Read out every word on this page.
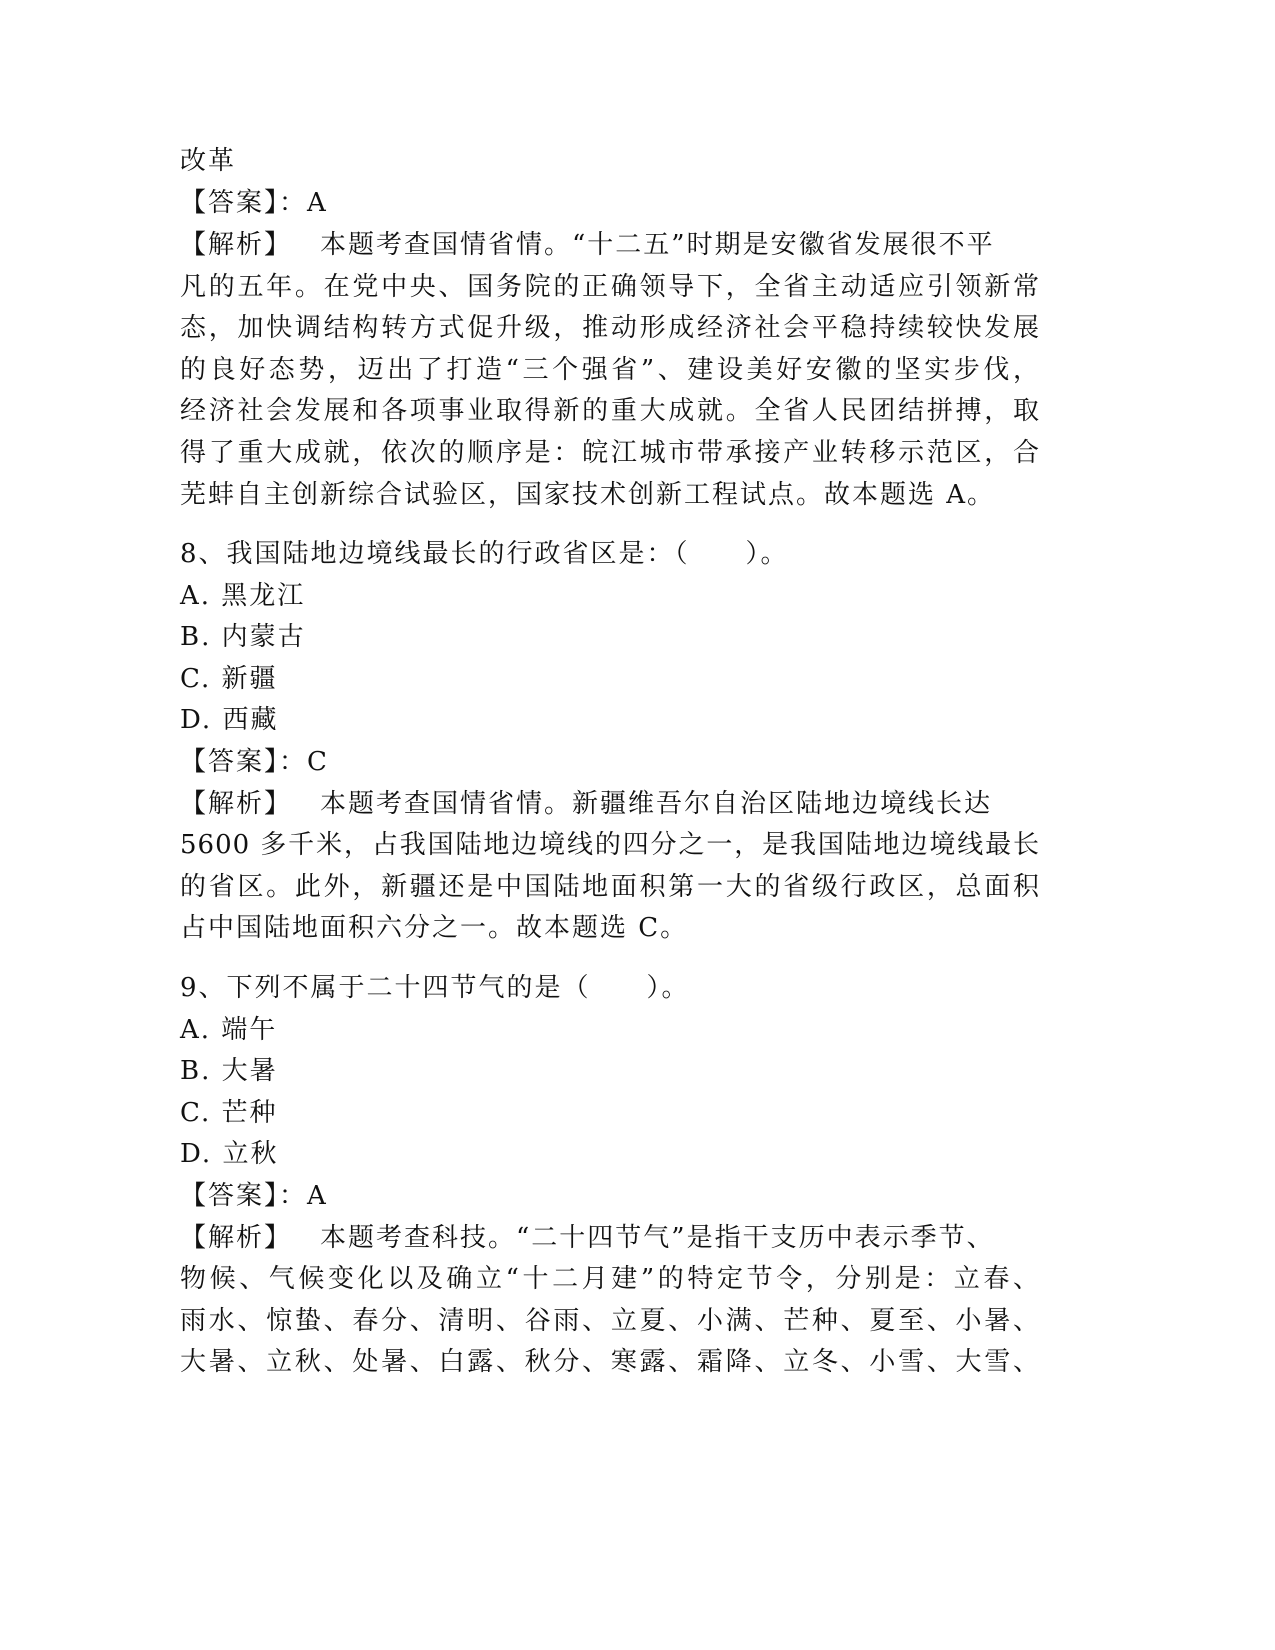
改革
【答案】：A
【解析】 本题考查国情省情。“十二五”时期是安徽省发展很不平
凡的五年。在党中央、国务院的正确领导下，全省主动适应引领新常
态，加快调结构转方式促升级，推动形成经济社会平稳持续较快发展
的良好态势，迈出了打造“三个强省”、建设美好安徽的坚实步伐，
经济社会发展和各项事业取得新的重大成就。全省人民团结拼搏，取
得了重大成就，依次的顺序是：皖江城市带承接产业转移示范区，合
芜蚌自主创新综合试验区，国家技术创新工程试点。故本题选 A。
8、我国陆地边境线最长的行政省区是：（　　）。
A. 黑龙江
B. 内蒙古
C. 新疆
D. 西藏
【答案】：C
【解析】 本题考查国情省情。新疆维吾尔自治区陆地边境线长达
5600 多千米，占我国陆地边境线的四分之一，是我国陆地边境线最长
的省区。此外，新疆还是中国陆地面积第一大的省级行政区，总面积
占中国陆地面积六分之一。故本题选 C。
9、下列不属于二十四节气的是（　　）。
A. 端午
B. 大暑
C. 芒种
D. 立秋
【答案】：A
【解析】 本题考查科技。“二十四节气”是指干支历中表示季节、
物候、气候变化以及确立“十二月建”的特定节令，分别是：立春、
雨水、惊蛰、春分、清明、谷雨、立夏、小满、芒种、夏至、小暑、
大暑、立秋、处暑、白露、秋分、寒露、霜降、立冬、小雪、大雪、
